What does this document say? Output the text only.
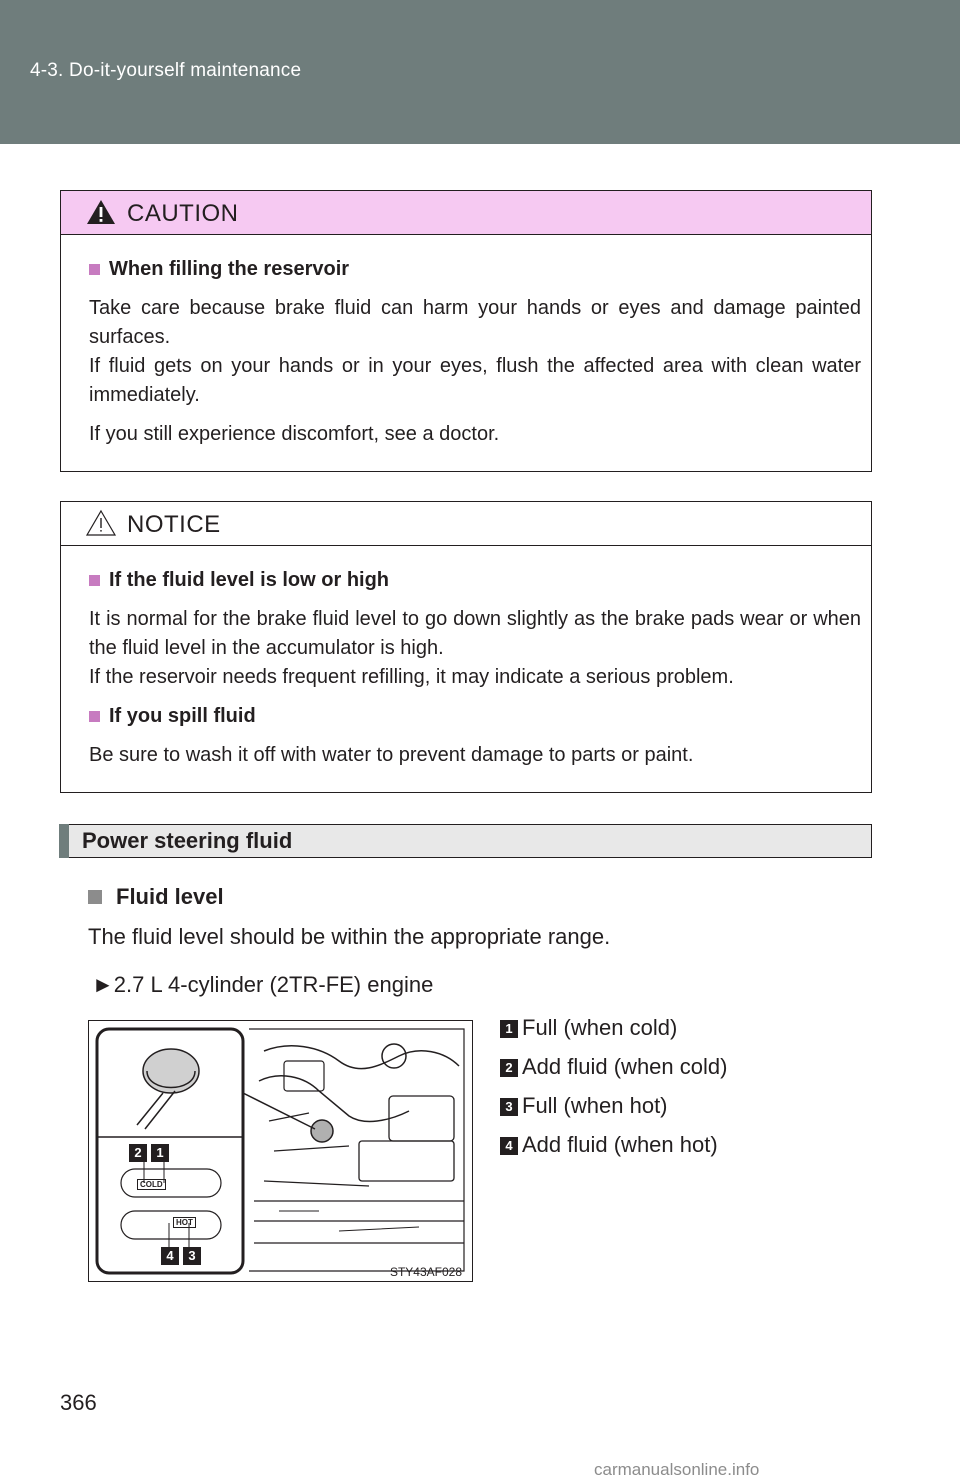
4-3. Do-it-yourself maintenance
CAUTION
When filling the reservoir

Take care because brake fluid can harm your hands or eyes and damage painted surfaces.
If fluid gets on your hands or in your eyes, flush the affected area with clean water immediately.

If you still experience discomfort, see a doctor.

NOTICE
If the fluid level is low or high

It is normal for the brake fluid level to go down slightly as the brake pads wear or when the fluid level in the accumulator is high.
If the reservoir needs frequent refilling, it may indicate a serious problem.

If you spill fluid

Be sure to wash it off with water to prevent damage to parts or paint.

Power steering fluid
Fluid level
The fluid level should be within the appropriate range.
►2.7 L 4-cylinder (2TR-FE) engine
2	1
COLD
HOT
4	3
STY43AF028
1 Full (when cold)
2 Add fluid (when cold)
3 Full (when hot)
4 Add fluid (when hot)
366
carmanualsonline.info
